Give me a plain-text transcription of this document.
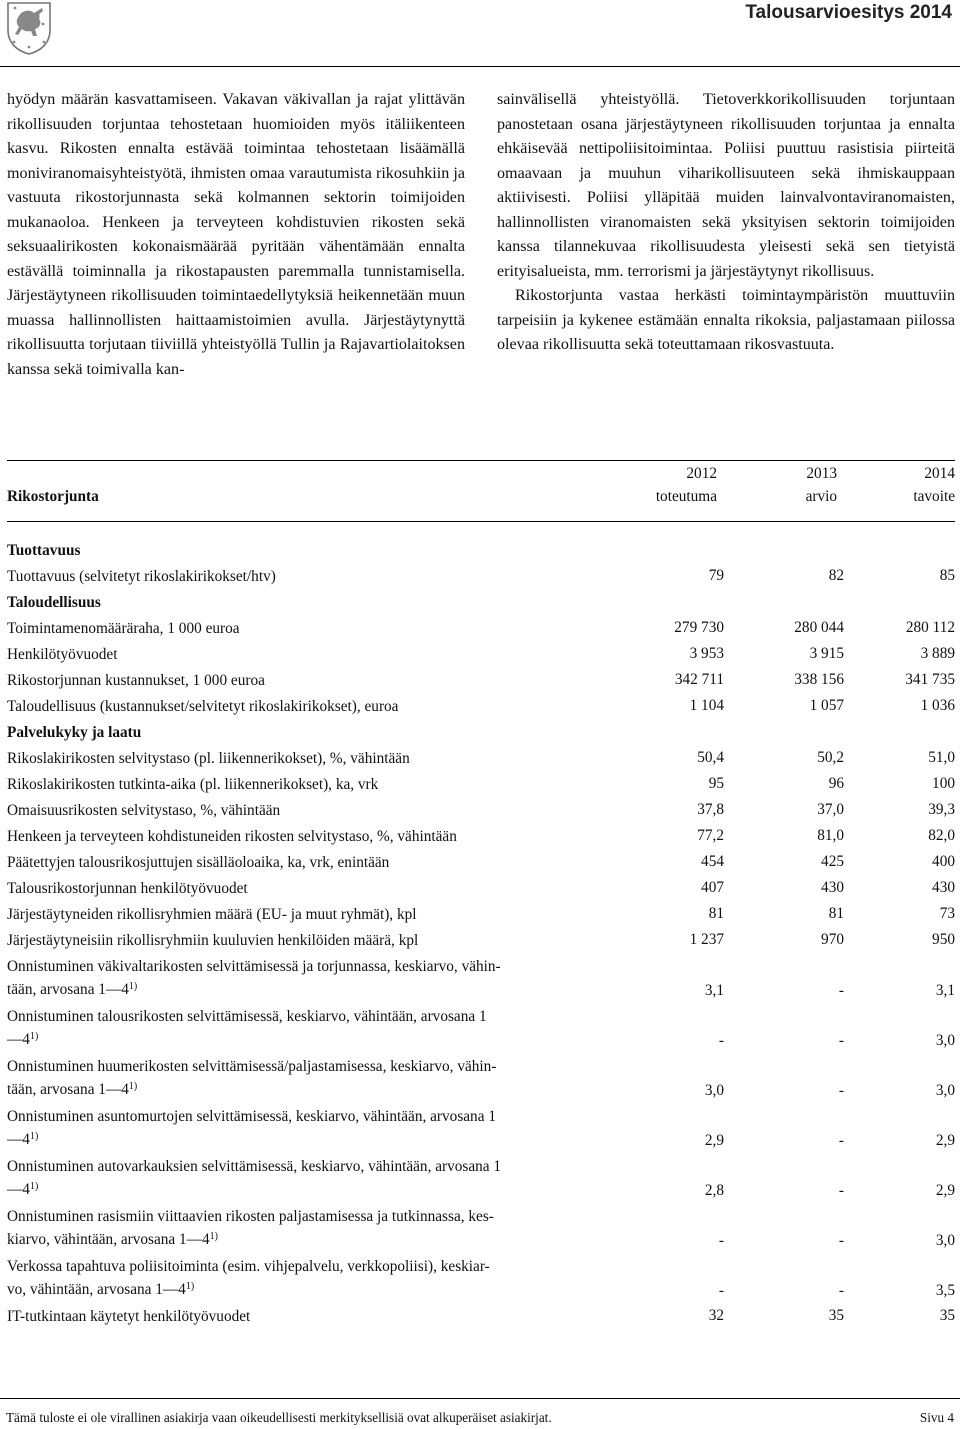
Talousarvioesitys 2014

hyödyn määrän kasvattamiseen. Vakavan väkivallan ja rajat ylittävän rikollisuuden torjuntaa tehostetaan huomioiden myös itäliikenteen kasvu. Rikosten ennalta estävää toimintaa tehostetaan lisäämällä moniviranomaisyhteistyötä, ihmisten omaa varautumista rikosuhkiin ja vastuuta rikostorjunnasta sekä kolmannen sektorin toimijoiden mukanaoloa. Henkeen ja terveyteen kohdistuvien rikosten sekä seksuaalirikosten kokonaismäärää pyritään vähentämään ennalta estävällä toiminnalla ja rikostapausten paremmalla tunnistamisella. Järjestäytyneen rikollisuuden toimintaedellytyksiä heikennetään muun muassa hallinnollisten haittaamistoimien avulla. Järjestäytynyttä rikollisuutta torjutaan tiiviillä yhteistyöllä Tullin ja Rajavartiolaitoksen kanssa sekä toimivalla kan-

sainvälisellä yhteistyöllä. Tietoverkkorikollisuuden torjuntaan panostetaan osana järjestäytyneen rikollisuuden torjuntaa ja ennalta ehkäisevää nettipoliisitoimintaa. Poliisi puuttuu rasistisia piirteitä omaavaan ja muuhun viharikollisuuteen sekä ihmiskauppaan aktiivisesti. Poliisi ylläpitää muiden lainvalvontaviranomaisten, hallinnollisten viranomaisten sekä yksityisen sektorin toimijoiden kanssa tilannekuvaa rikollisuudesta yleisesti sekä sen tietyistä erityisalueista, mm. terrorismi ja järjestäytynyt rikollisuus.

Rikostorjunta vastaa herkästi toimintaympäristön muuttuviin tarpeisiin ja kykenee estämään ennalta rikoksia, paljastamaan piilossa olevaa rikollisuutta sekä toteuttamaan rikosvastuuta.

Rikostorjunta
2012	2013	2014
toteutuma	arvio	tavoite
Tuottavuus
Tuottavuus (selvitetyt rikoslakirikokset/htv)	79	82	85
Taloudellisuus
Toimintamenomääräraha, 1 000 euroa	279 730	280 044	280 112
Henkilötyövuodet	3 953	3 915	3 889
Rikostorjunnan kustannukset, 1 000 euroa	342 711	338 156	341 735
Taloudellisuus (kustannukset/selvitetyt rikoslakirikokset), euroa	1 104	1 057	1 036
Palvelukyky ja laatu
Rikoslakirikosten selvitystaso (pl. liikennerikokset), %, vähintään	50,4	50,2	51,0
Rikoslakirikosten tutkinta-aika (pl. liikennerikokset), ka, vrk	95	96	100
Omaisuusrikosten selvitystaso, %, vähintään	37,8	37,0	39,3
Henkeen ja terveyteen kohdistuneiden rikosten selvitystaso, %, vähintään	77,2	81,0	82,0
Päätettyjen talousrikosjuttujen sisälläoloaika, ka, vrk, enintään	454	425	400
Talousrikostorjunnan henkilötyövuodet	407	430	430
Järjestäytyneiden rikollisryhmien määrä (EU- ja muut ryhmät), kpl	81	81	73
Järjestäytyneisiin rikollisryhmiin kuuluvien henkilöiden määrä, kpl	1 237	970	950
Onnistuminen väkivaltarikosten selvittämisessä ja torjunnassa, keskiarvo, vähin-
tään, arvosana 1—4$^{1)}$	3,1	-	3,1
Onnistuminen talousrikosten selvittämisessä, keskiarvo, vähintään, arvosana 1
—4$^{1)}$	-	-	3,0
Onnistuminen huumerikosten selvittämisessä/paljastamisessa, keskiarvo, vähin-
tään, arvosana 1—4$^{1)}$	3,0	-	3,0
Onnistuminen asuntomurtojen selvittämisessä, keskiarvo, vähintään, arvosana 1
—4$^{1)}$	2,9	-	2,9
Onnistuminen autovarkauksien selvittämisessä, keskiarvo, vähintään, arvosana 1
—4$^{1)}$	2,8	-	2,9
Onnistuminen rasismiin viittaavien rikosten paljastamisessa ja tutkinnassa, kes-
kiarvo, vähintään, arvosana 1—4$^{1)}$	-	-	3,0
Verkossa tapahtuva poliisitoiminta (esim. vihjepalvelu, verkkopoliisi), keskiar-
vo, vähintään, arvosana 1—4$^{1)}$	-	-	3,5
IT-tutkintaan käytetyt henkilötyövuodet	32	35	35
Tämä tuloste ei ole virallinen asiakirja vaan oikeudellisesti merkityksellisiä ovat alkuperäiset asiakirjat.	Sivu 4
